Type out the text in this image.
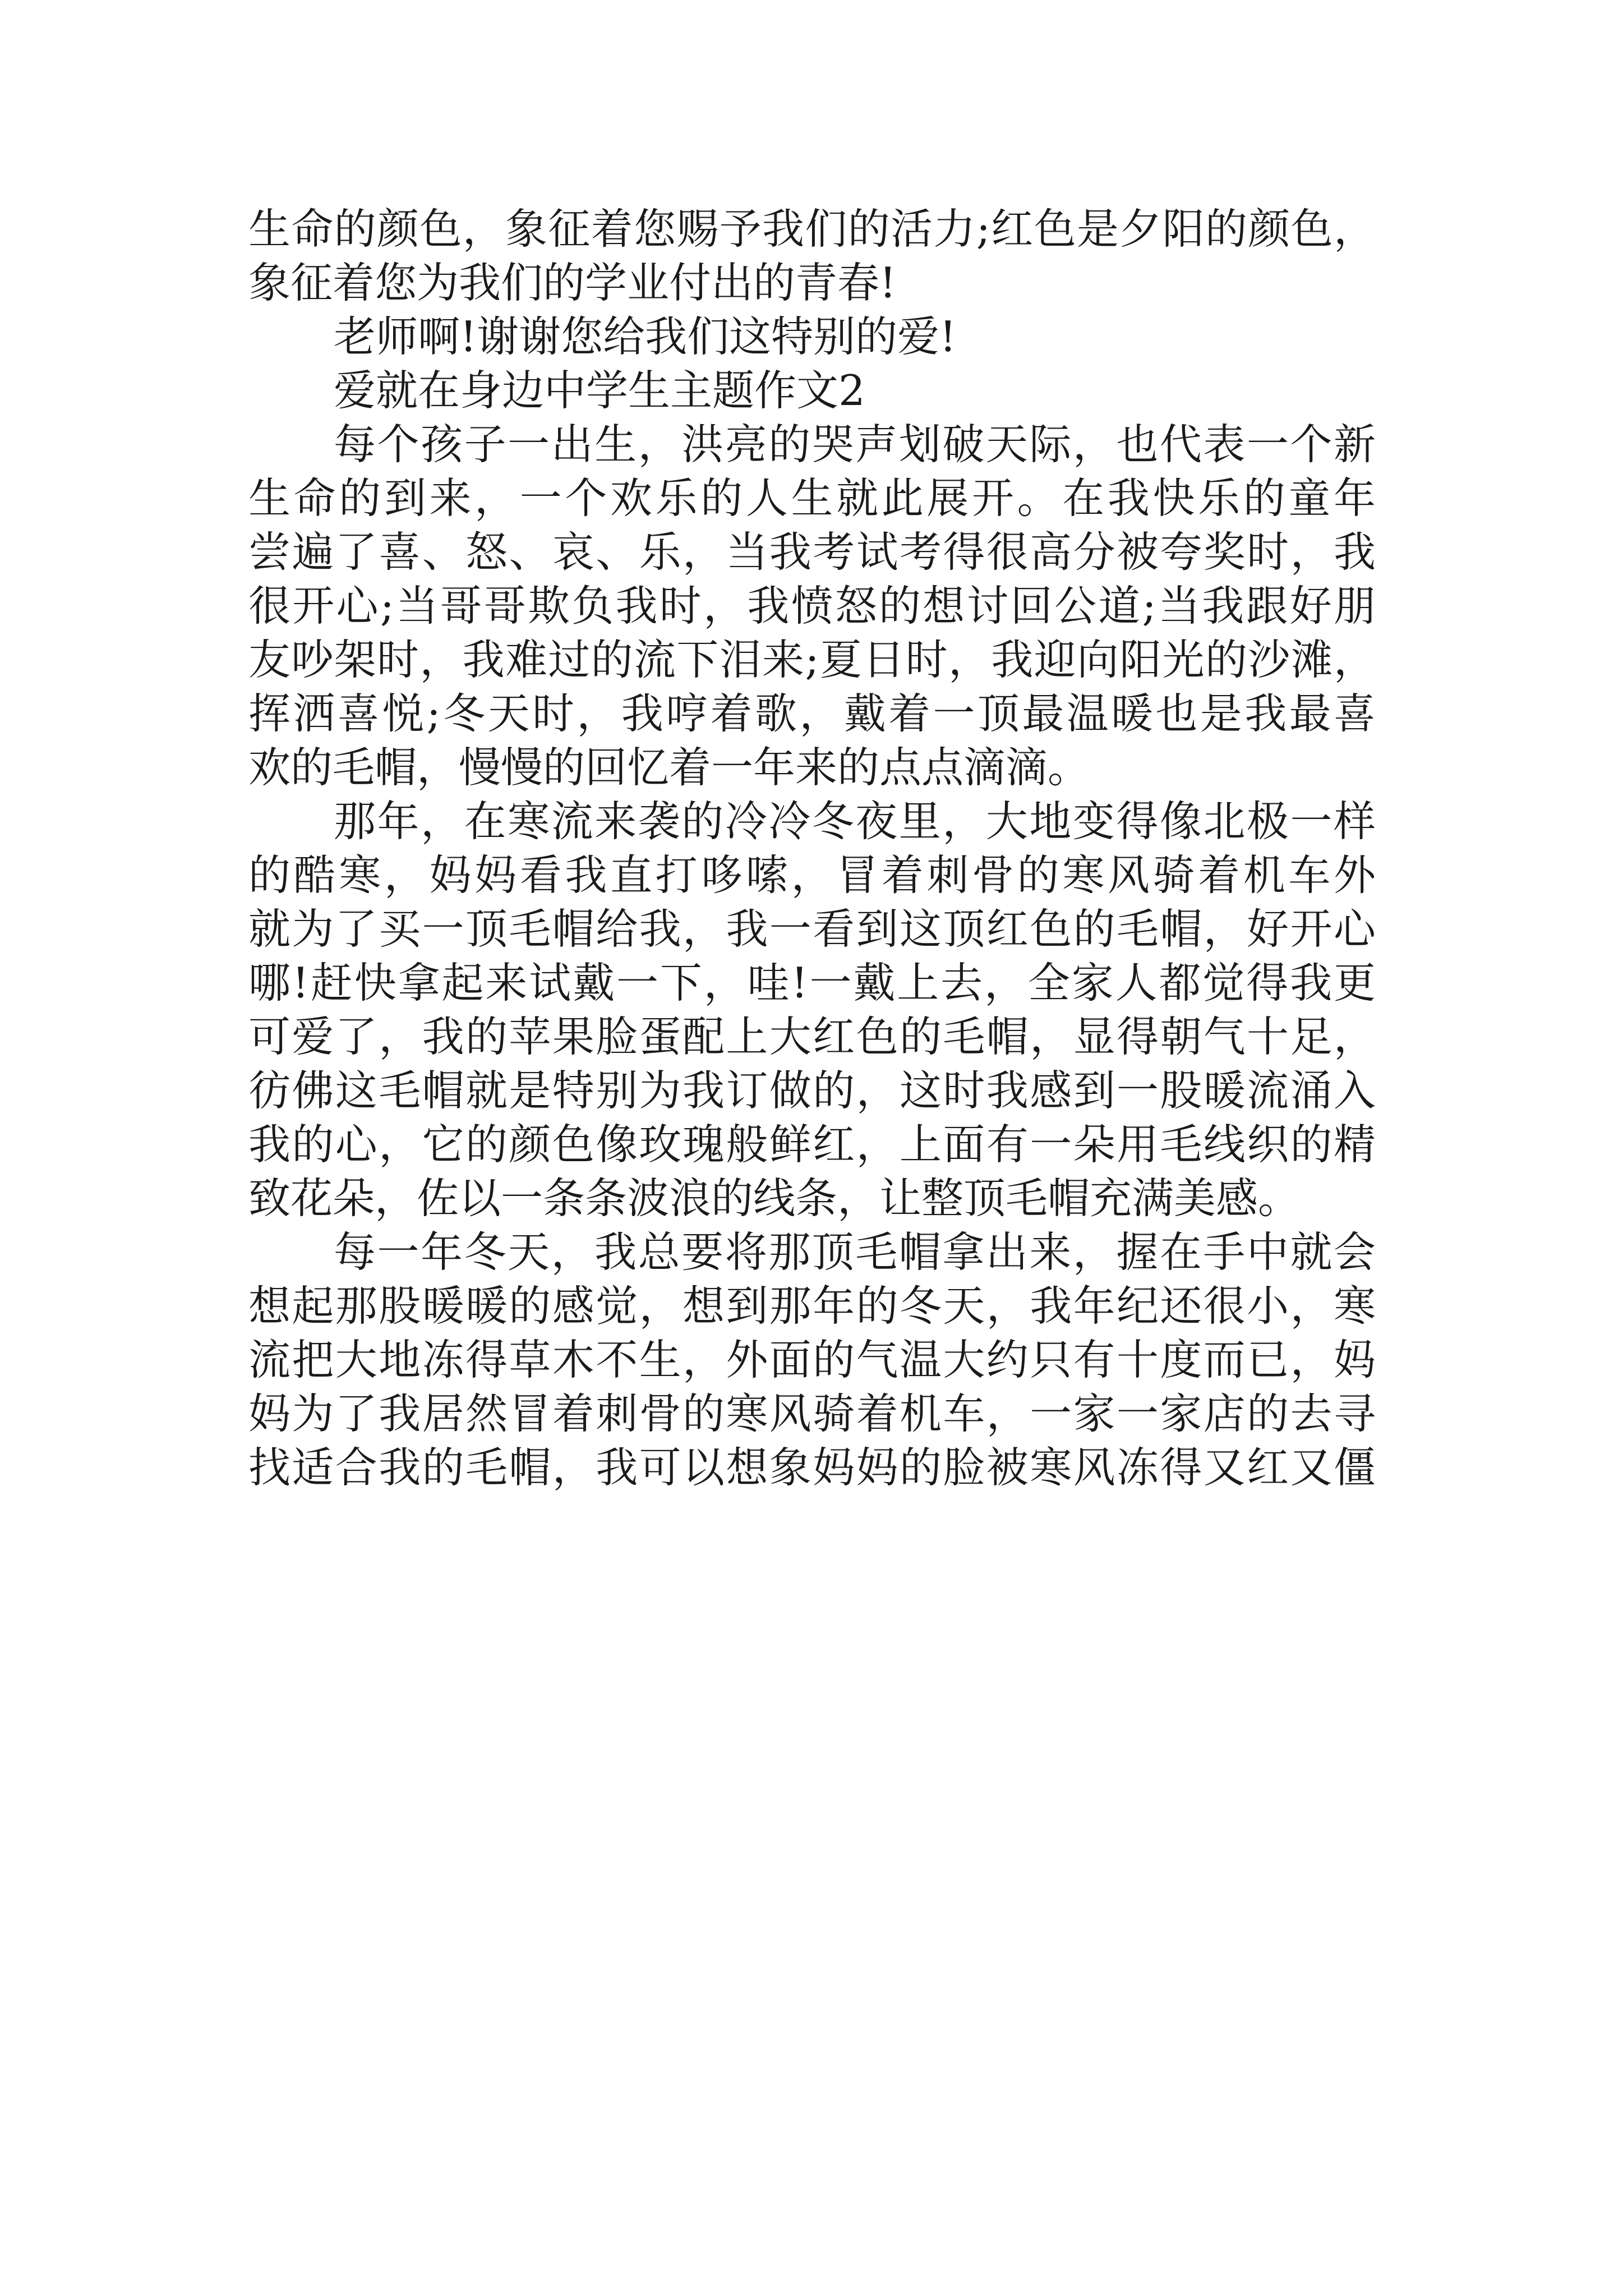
生命的颜色，象征着您赐予我们的活力;红色是夕阳的颜色，
象征着您为我们的学业付出的青春!
老师啊!谢谢您给我们这特别的爱!
爱就在身边中学生主题作文2
每个孩子一出生，洪亮的哭声划破天际，也代表一个新
生命的到来，一个欢乐的人生就此展开。在我快乐的童年
尝遍了喜、怒、哀、乐，当我考试考得很高分被夸奖时，我
很开心;当哥哥欺负我时，我愤怒的想讨回公道;当我跟好朋
友吵架时，我难过的流下泪来;夏日时，我迎向阳光的沙滩，
挥洒喜悦;冬天时，我哼着歌，戴着一顶最温暖也是我最喜
欢的毛帽，慢慢的回忆着一年来的点点滴滴。
那年，在寒流来袭的冷冷冬夜里，大地变得像北极一样
的酷寒，妈妈看我直打哆嗦，冒着刺骨的寒风骑着机车外
就为了买一顶毛帽给我，我一看到这顶红色的毛帽，好开心
哪!赶快拿起来试戴一下，哇!一戴上去，全家人都觉得我更
可爱了，我的苹果脸蛋配上大红色的毛帽，显得朝气十足，
彷佛这毛帽就是特别为我订做的，这时我感到一股暖流涌入
我的心，它的颜色像玫瑰般鲜红，上面有一朵用毛线织的精
致花朵，佐以一条条波浪的线条，让整顶毛帽充满美感。
每一年冬天，我总要将那顶毛帽拿出来，握在手中就会
想起那股暖暖的感觉，想到那年的冬天，我年纪还很小，寒
流把大地冻得草木不生，外面的气温大约只有十度而已，妈
妈为了我居然冒着刺骨的寒风骑着机车，一家一家店的去寻
找适合我的毛帽，我可以想象妈妈的脸被寒风冻得又红又僵
